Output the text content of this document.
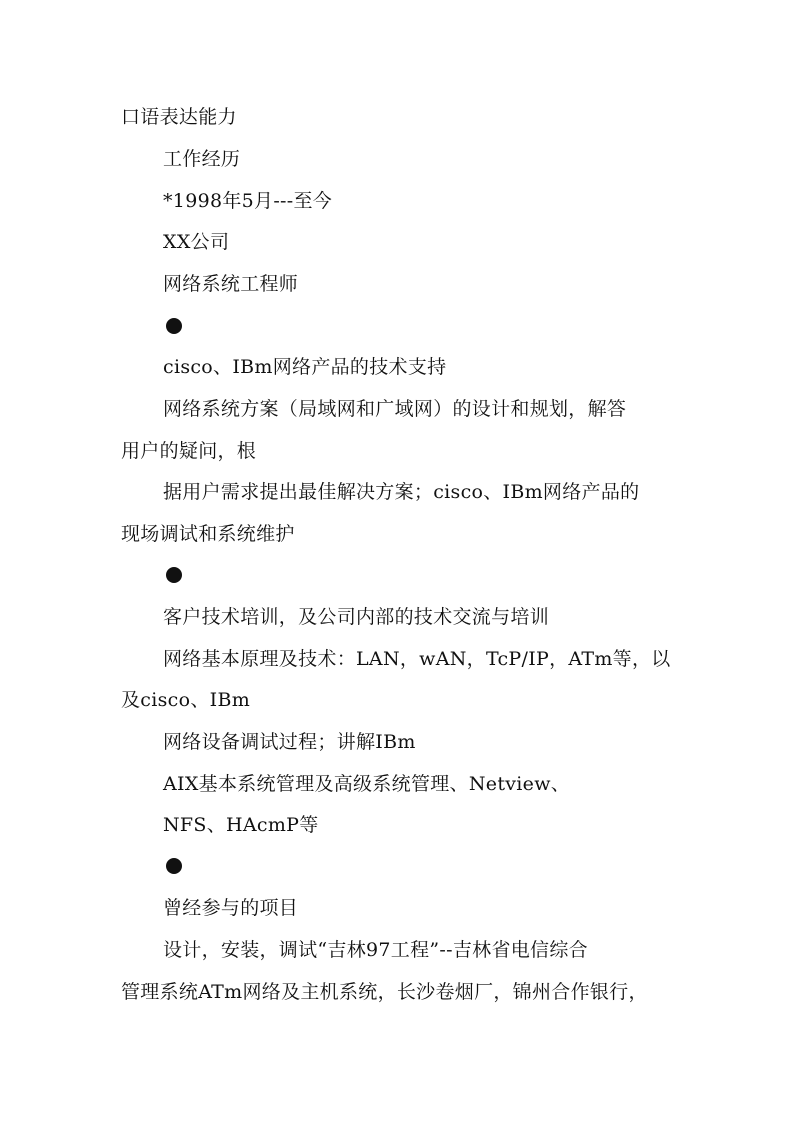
口语表达能力
工作经历
*1998年5月---至今
XX公司
网络系统工程师
cisco、IBm网络产品的技术支持
网络系统方案（局域网和广域网）的设计和规划，解答
用户的疑问，根
据用户需求提出最佳解决方案；cisco、IBm网络产品的
现场调试和系统维护
客户技术培训，及公司内部的技术交流与培训
网络基本原理及技术：LAN，wAN，TcP/IP，ATm等，以
及cisco、IBm
网络设备调试过程；讲解IBm
AIX基本系统管理及高级系统管理、Netview、
NFS、HAcmP等
曾经参与的项目
设计，安装，调试“吉林97工程”--吉林省电信综合
管理系统ATm网络及主机系统，长沙卷烟厂，锦州合作银行，
